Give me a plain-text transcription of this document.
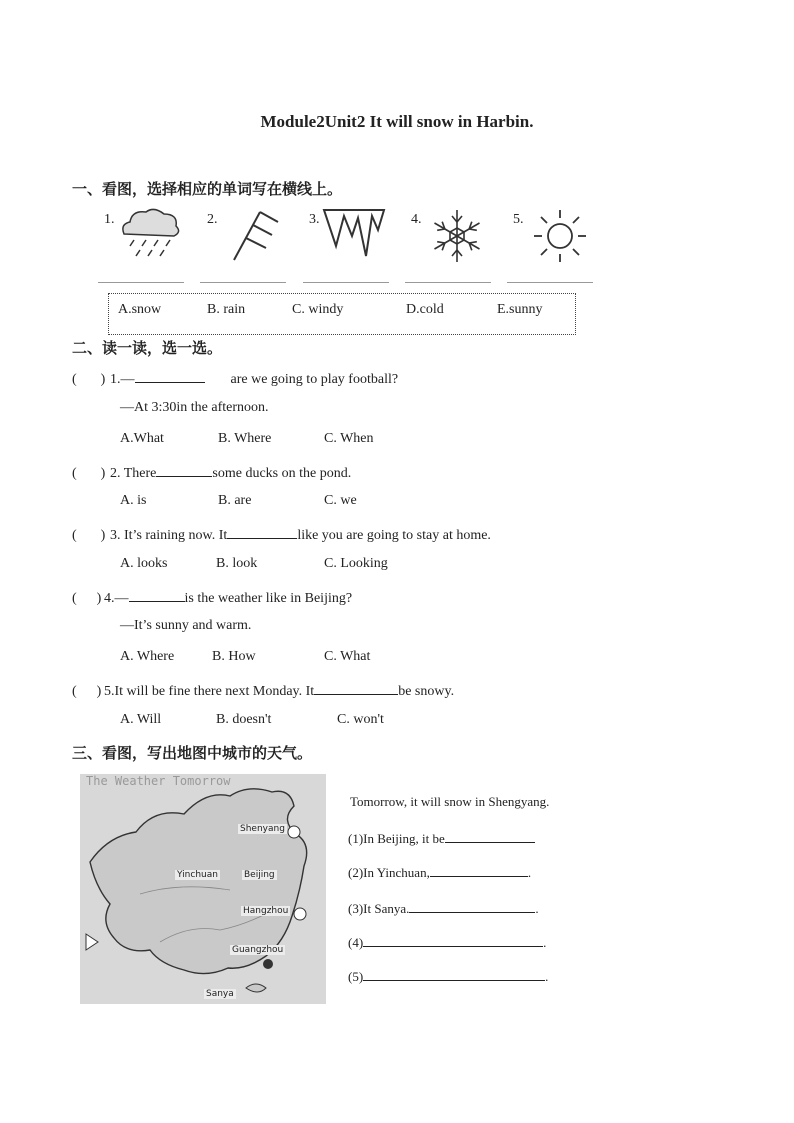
Module2Unit2 It will snow in Harbin.
一、看图，选择相应的单词写在横线上。
1.	2.	3.	4.	5.
A.snow	B. rain	C. windy	D.cold	E.sunny
二、读一读，选一选。
( ) 1.—	are we going to play football?
—At 3:30in the afternoon.
A.What	B. Where	C. When
( ) 2. There	some ducks on the pond.
A. is	B. are	C. we
( ) 3. It’s raining now. It	like you are going to stay at home.
A. looks	B. look	C. Looking
( ) 4.—	is the weather like in Beijing?
—It’s sunny and warm.
A. Where	B. How	C. What
( ) 5.It will be fine there next Monday. It	be snowy.
A. Will	B. doesn't	C. won't
三、看图，写出地图中城市的天气。
The Weather Tomorrow
Shenyang
Yinchuan	Beijing
Hangzhou
Guangzhou
Sanya
Tomorrow, it will snow in Shengyang.
(1)In Beijing, it be
(2)In Yinchuan,	.
(3)It Sanya.	.
(4)	.
(5)	.
